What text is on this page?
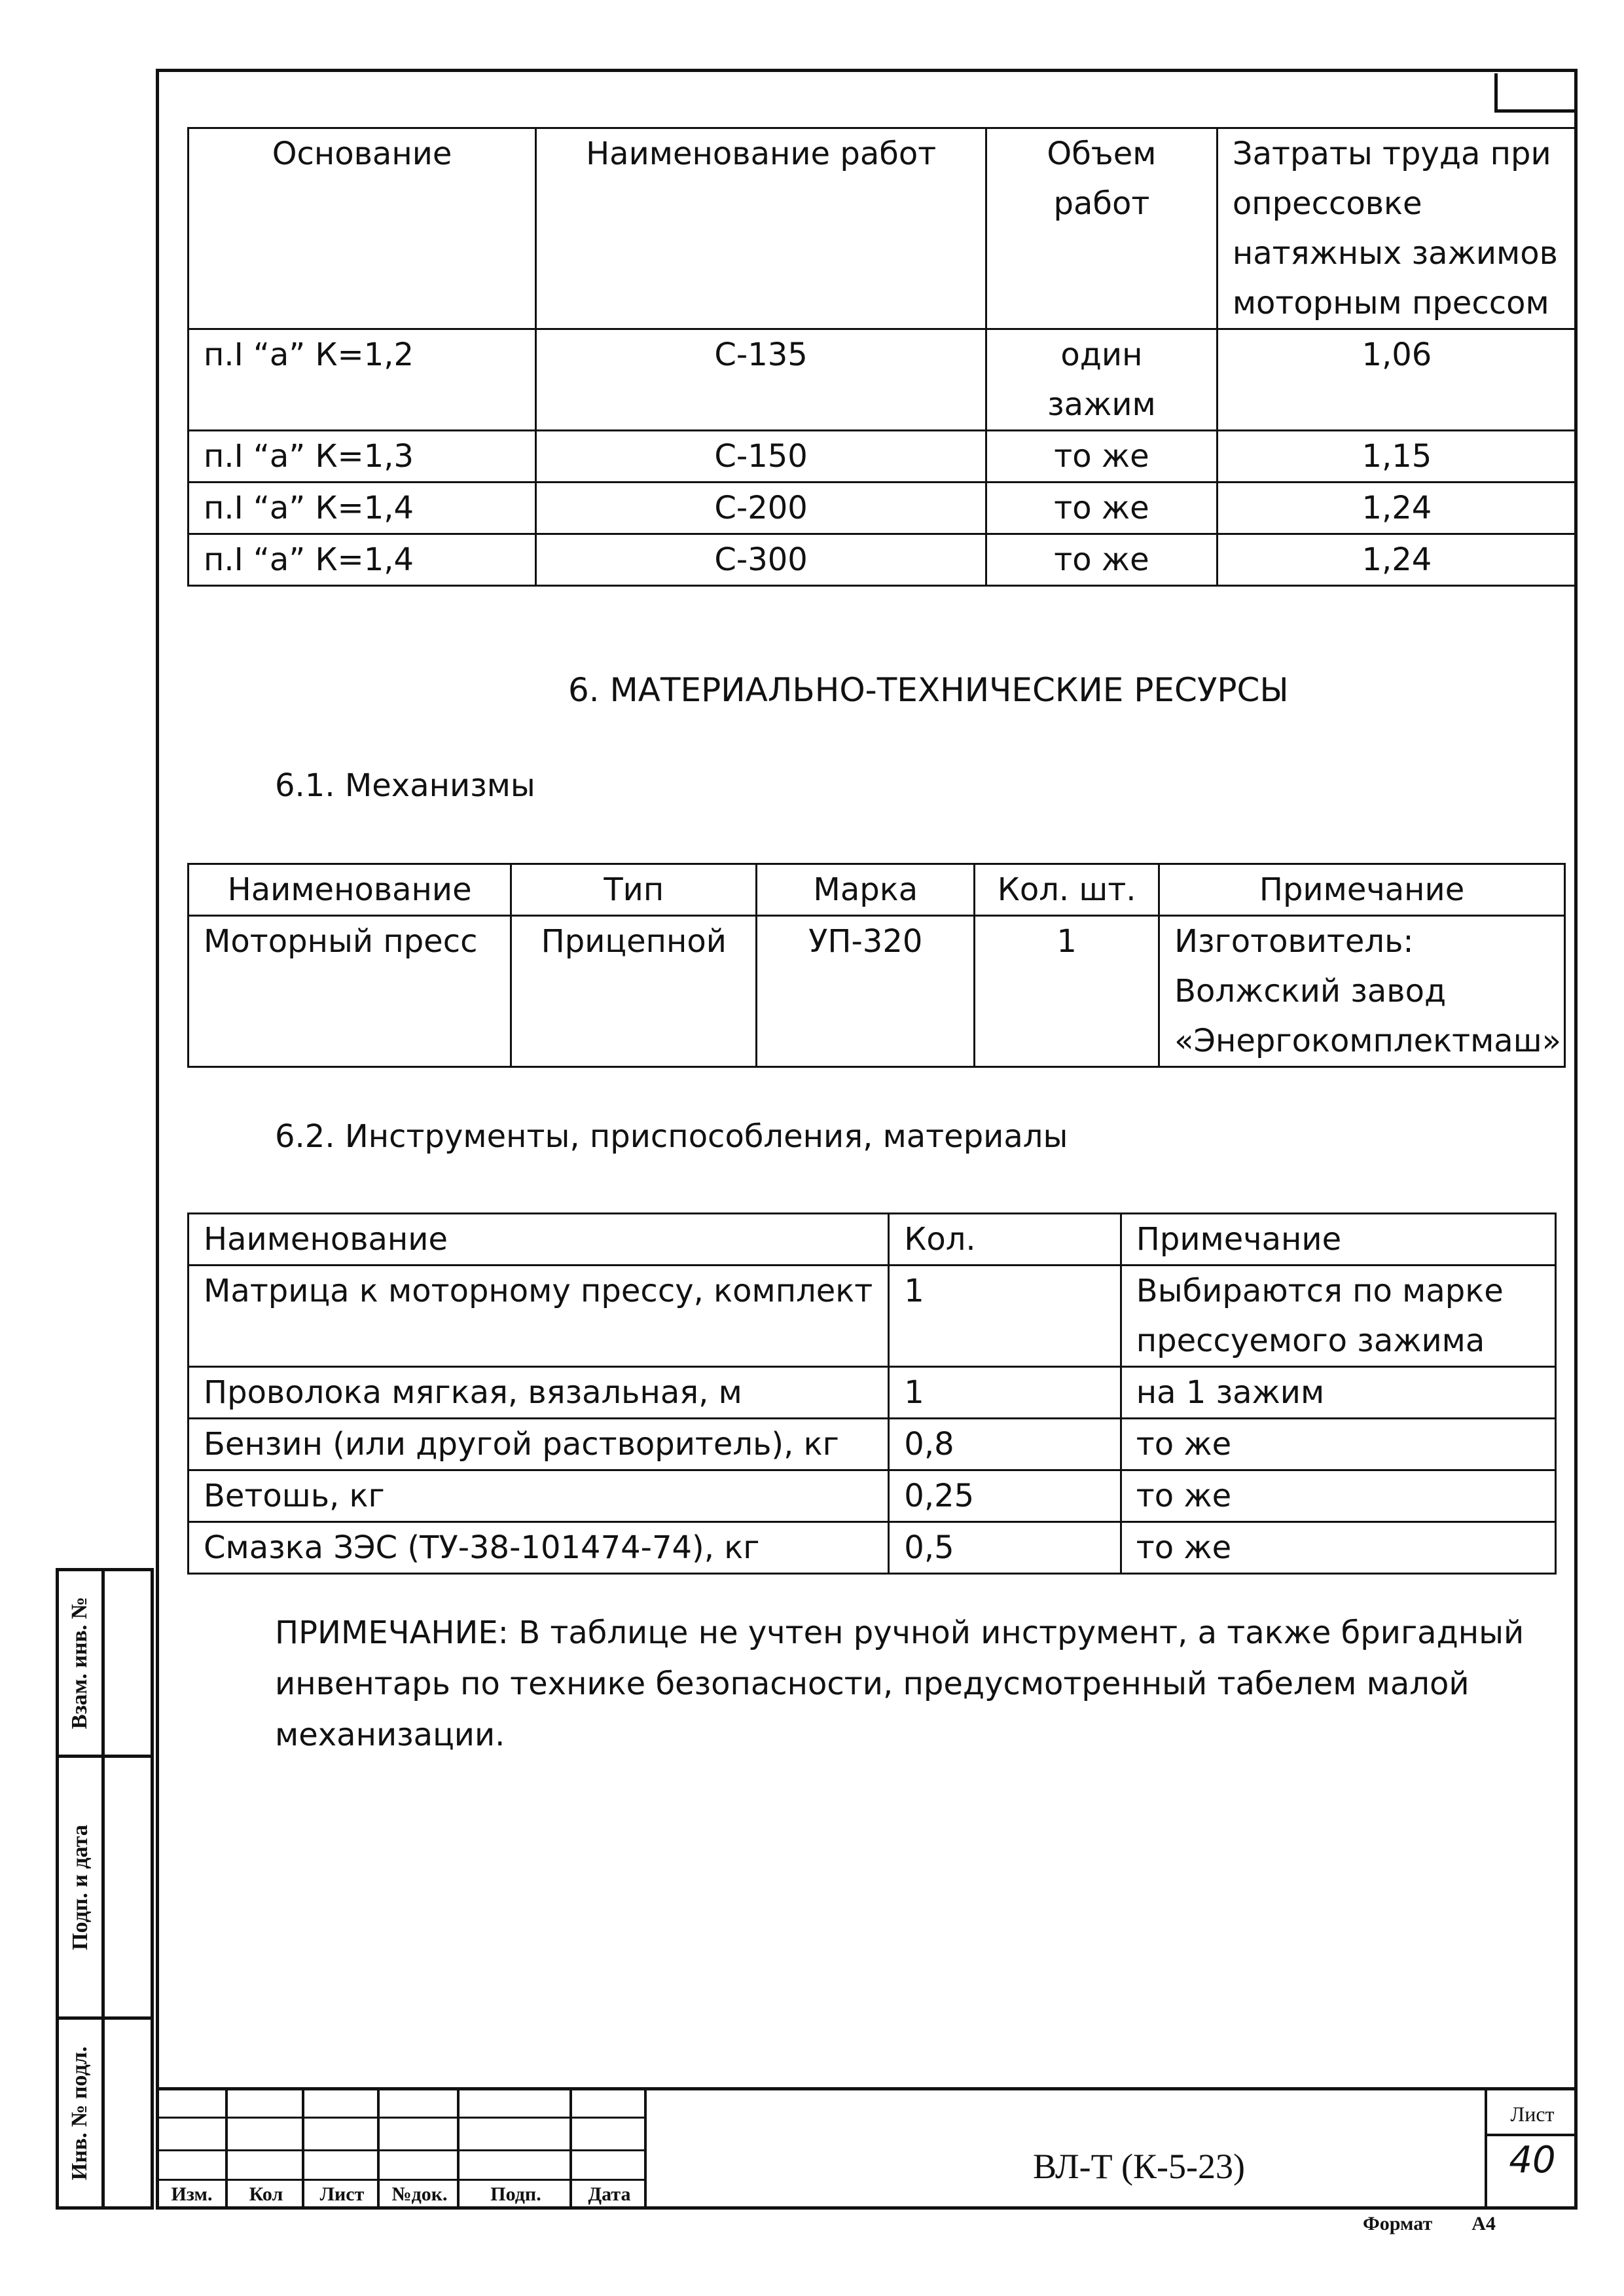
Основание	Наименование работ	Объем работ	Затраты труда при опрессовке натяжных зажимов моторным прессом
п.I “а” К=1,2	С-135	один зажим	1,06
п.I “а” К=1,3	С-150	то же	1,15
п.I “а” К=1,4	С-200	то же	1,24
п.I “а” К=1,4	С-300	то же	1,24
6. МАТЕРИАЛЬНО-ТЕХНИЧЕСКИЕ РЕСУРСЫ
6.1. Механизмы
Наименование	Тип	Марка	Кол. шт.	Примечание
Моторный пресс	Прицепной	УП-320	1	Изготовитель: Волжский завод «Энергокомплектмаш»
6.2. Инструменты, приспособления, материалы
Наименование	Кол.	Примечание
Матрица к моторному прессу, комплект	1	Выбираются по марке прессуемого зажима
Проволока мягкая, вязальная, м	1	на 1 зажим
Бензин (или другой растворитель), кг	0,8	то же
Ветошь, кг	0,25	то же
Смазка ЗЭС (ТУ-38-101474-74), кг	0,5	то же
ПРИМЕЧАНИЕ: В таблице не учтен ручной инструмент, а также бригадный инвентарь по технике безопасности, предусмотренный табелем малой механизации.
Взам. инв. №
Подп. и дата
Инв. № подл.
Изм.	Кол	Лист	№док.	Подп.	Дата
ВЛ-Т (К-5-23)
Лист
40
Формат А4
